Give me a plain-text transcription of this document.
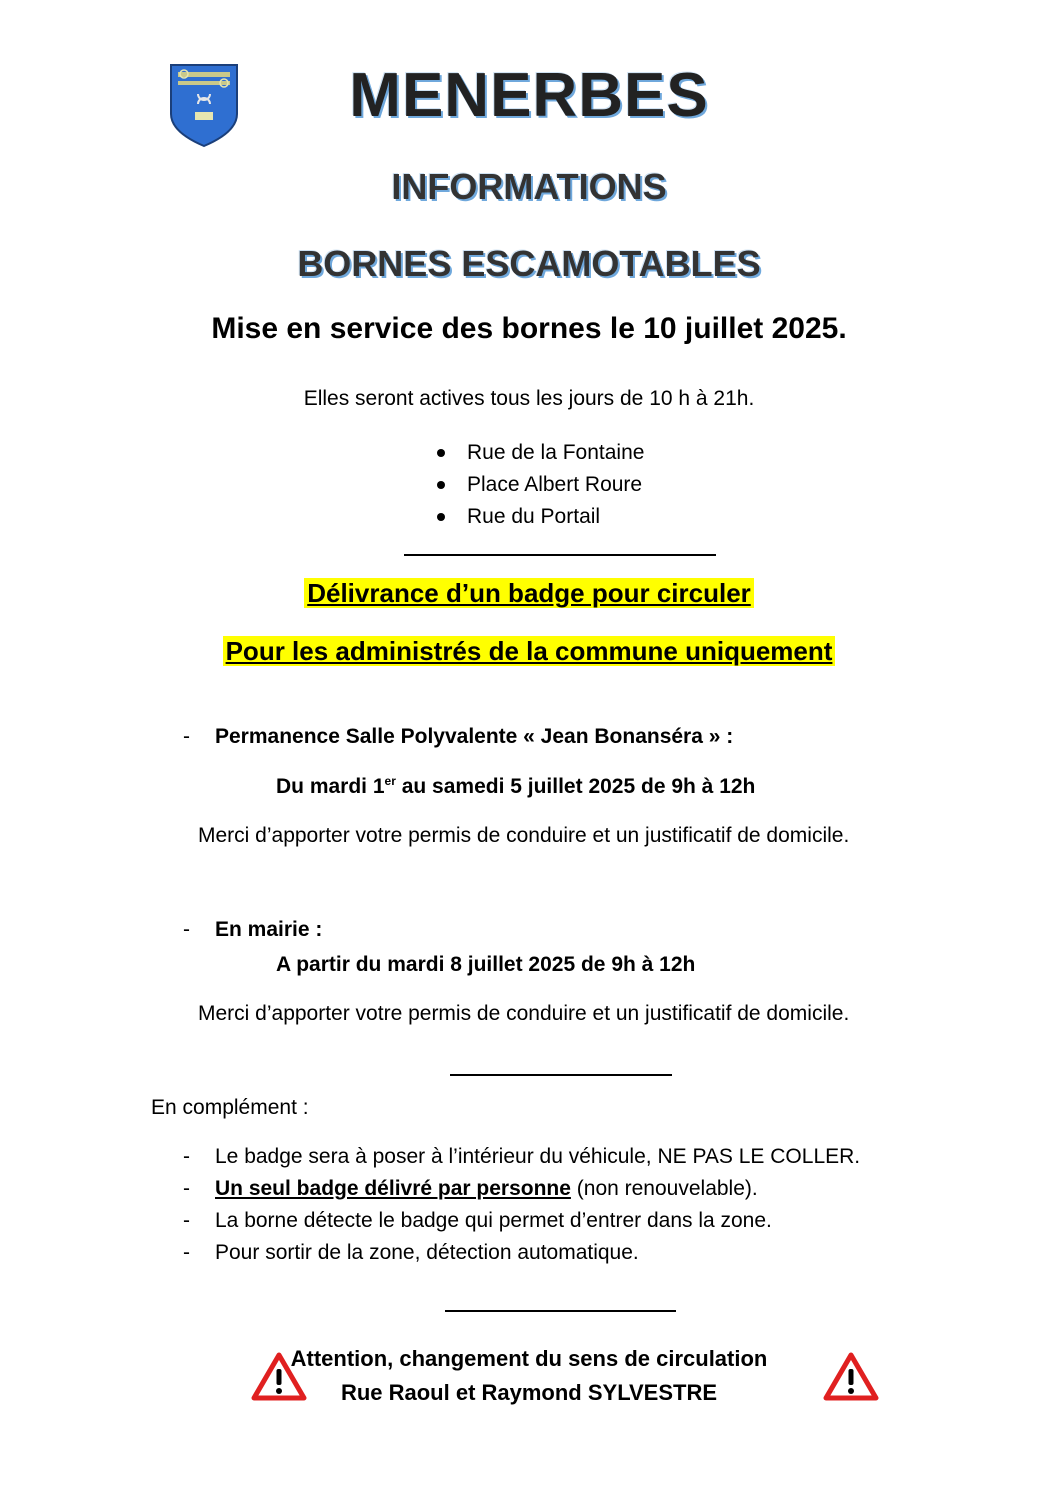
MENERBES
INFORMATIONS
BORNES ESCAMOTABLES
Mise en service des bornes le 10 juillet 2025.
Elles seront actives tous les jours de 10 h à 21h.
Rue de la Fontaine
Place Albert Roure
Rue du Portail
Délivrance d’un badge pour circuler
Pour les administrés de la commune uniquement
- Permanence Salle Polyvalente « Jean Bonanséra » :
Du mardi 1er au samedi 5 juillet 2025 de 9h à 12h
Merci d’apporter votre permis de conduire et un justificatif de domicile.
- En mairie :
A partir du mardi 8 juillet 2025 de 9h à 12h
Merci d’apporter votre permis de conduire et un justificatif de domicile.
En complément :
- Le badge sera à poser à l’intérieur du véhicule, NE PAS LE COLLER.
- Un seul badge délivré par personne (non renouvelable).
- La borne détecte le badge qui permet d’entrer dans la zone.
- Pour sortir de la zone, détection automatique.
Attention, changement du sens de circulation
Rue Raoul et Raymond SYLVESTRE
